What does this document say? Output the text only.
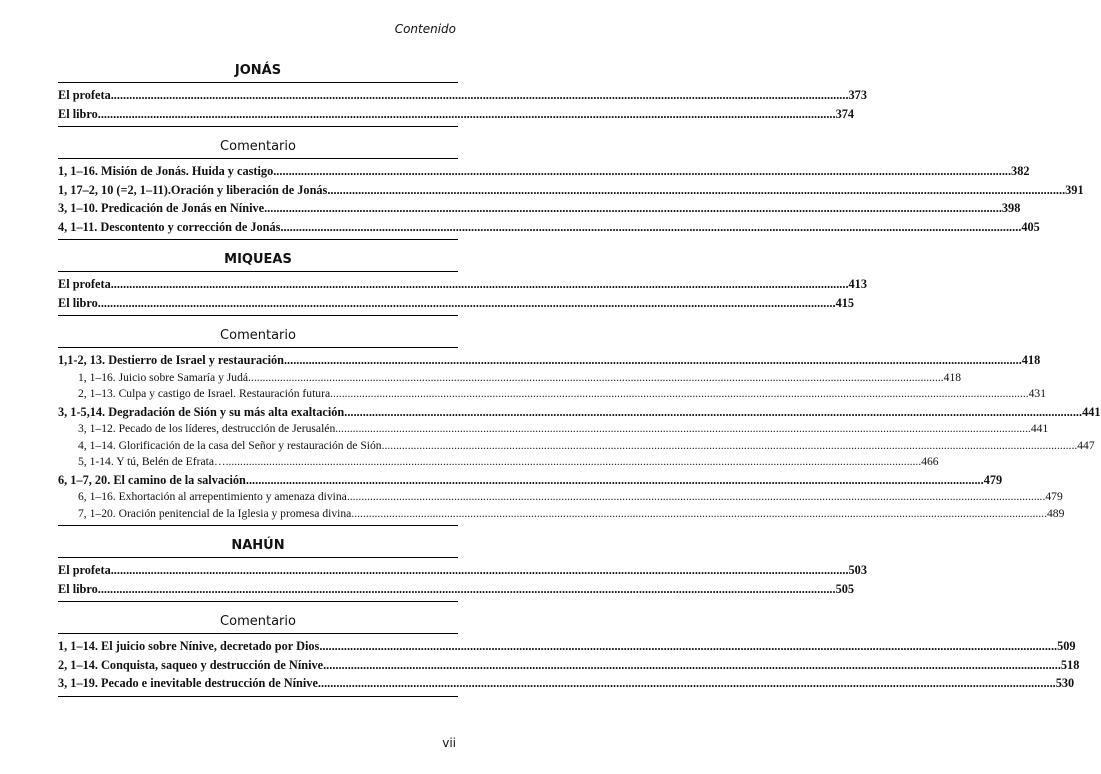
Contenido
JONÁS
El profeta .....	373
El libro .....	374
Comentario
1, 1–16. Misión de Jonás. Huida y castigo .....	382
1, 17–2, 10 (=2, 1–11).Oración y liberación de Jonás .....	391
3, 1–10. Predicación de Jonás en Nínive .....	398
4, 1–11. Descontento y corrección de Jonás. .....	405
MIQUEAS
El profeta .....	413
El libro .....	415
Comentario
1,1-2, 13. Destierro de Israel y restauración .....	418
1, 1–16. Juicio sobre Samaría y Judá .....	418
2, 1–13. Culpa y castigo de Israel. Restauración futura. .....	431
3, 1-5,14. Degradación de Sión y su más alta exaltación .....	441
3, 1–12. Pecado de los líderes, destrucción de Jerusalén .....	441
4, 1–14. Glorificación de la casa del Señor y restauración de Sión .....	447
5, 1-14. Y tú, Belén de Efrata… .....	466
6, 1–7, 20. El camino de la salvación .....	479
6, 1–16. Exhortación al arrepentimiento y amenaza divina. .....	479
7, 1–20. Oración penitencial de la Iglesia y promesa divina .....	489
NAHÚN
El profeta .....	503
El libro .....	505
Comentario
1, 1–14. El juicio sobre Nínive, decretado por Dios .....	509
2, 1–14. Conquista, saqueo y destrucción de Nínive .....	518
3, 1–19. Pecado e inevitable destrucción de Nínive .....	530
vii
